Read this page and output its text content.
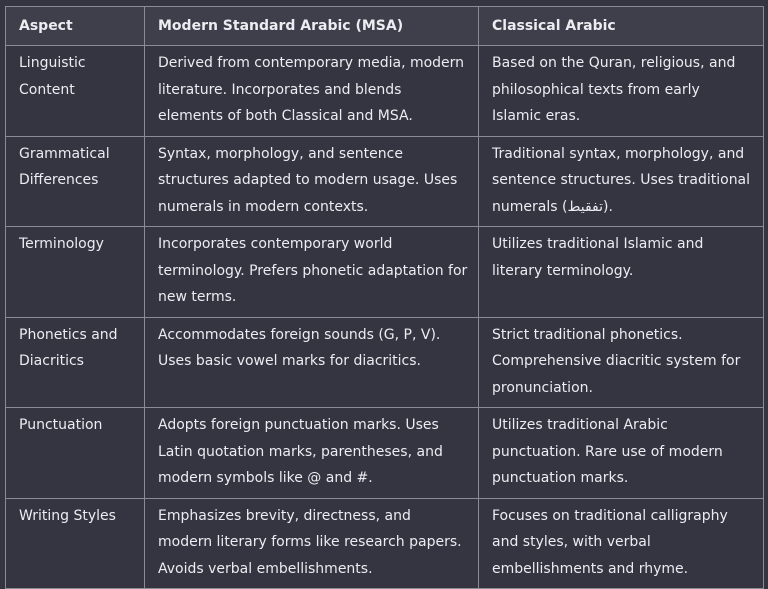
Aspect	Modern Standard Arabic (MSA)	Classical Arabic
Linguistic Content	Derived from contemporary media, modern literature. Incorporates and blends elements of both Classical and MSA.	Based on the Quran, religious, and philosophical texts from early Islamic eras.
Grammatical Differences	Syntax, morphology, and sentence structures adapted to modern usage. Uses numerals in modern contexts.	Traditional syntax, morphology, and sentence structures. Uses traditional numerals (تفقيط).
Terminology	Incorporates contemporary world terminology. Prefers phonetic adaptation for new terms.	Utilizes traditional Islamic and literary terminology.
Phonetics and Diacritics	Accommodates foreign sounds (G, P, V). Uses basic vowel marks for diacritics.	Strict traditional phonetics. Comprehensive diacritic system for pronunciation.
Punctuation	Adopts foreign punctuation marks. Uses Latin quotation marks, parentheses, and modern symbols like @ and #.	Utilizes traditional Arabic punctuation. Rare use of modern punctuation marks.
Writing Styles	Emphasizes brevity, directness, and modern literary forms like research papers. Avoids verbal embellishments.	Focuses on traditional calligraphy and styles, with verbal embellishments and rhyme.
